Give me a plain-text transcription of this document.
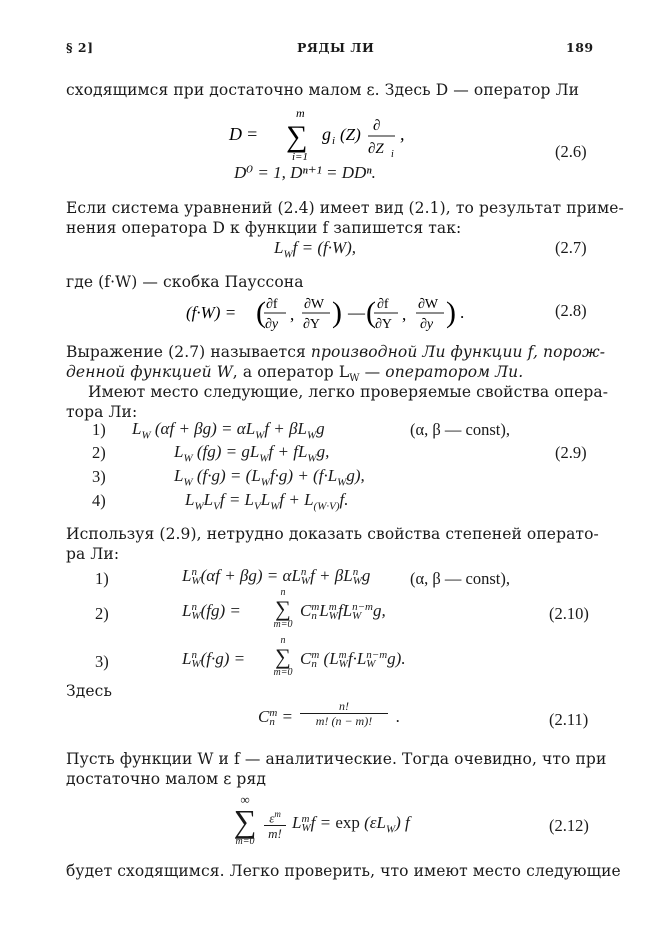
§ 2]	РЯДЫ ЛИ	189
сходящимся при достаточно малом ε. Здесь D — оператор Ли
D =
m
∑
i=1
g i (Z) ∂
∂Z i
,
D⁰ = 1, Dⁿ⁺¹ = DDⁿ.
(2.6)
Если система уравнений (2.4) имеет вид (2.1), то результат приме-
нения оператора D к функции f запишется так:
$L_Wf = (f\cdot W)$,	(2.7)
где (f·W) — скобка Пауссона
(f·W) = ( ∂f
∂y
,
∂W
∂Y ) — ( ∂f
∂Y
,
∂W
∂y ) .	(2.8)
Выражение (2.7) называется производной Ли функции f, порож-
денной функцией W, а оператор $L_W$ — оператором Ли.
Имеют место следующие, легко проверяемые свойства опера-
тора Ли:
1) $L_W$ $(\alpha f + \beta g) = \alpha L_Wf + \beta L_Wg$	(α, β — const),
2)	$L_W$ $(fg) = gL_Wf + fL_Wg$,	(2.9)
3)	$L_W$ $(f\cdot g) = (L_Wf\cdot g) + (f\cdot L_Wg)$,
4)	$L_WL_Vf = L_VL_Wf + L_{(W\cdot V)}f$.
Используя (2.9), нетрудно доказать свойства степеней операто-
ра Ли:
1)	L n
W (αf + βg) = αL n
W f + βL n
W g (α, β — const),
2)	L n
W (fg) =
n
∑
m=0
C m
n L m
W fL n−m
W g,	(2.10)
3)	L n
W (f·g) =
n
∑
m=0
C m
n (L m
W f·L n−m
W g).
Здесь
C m
n =
n!
m! (n − m)!	.	(2.11)
Пусть функции W и f — аналитические. Тогда очевидно, что при
достаточно малом ε ряд
∞
∑
m=0
$\varepsilon^m$
m!
L m
W $f = \exp (\varepsilon L_W)$ f	(2.12)
будет сходящимся. Легко проверить, что имеют место следующие
